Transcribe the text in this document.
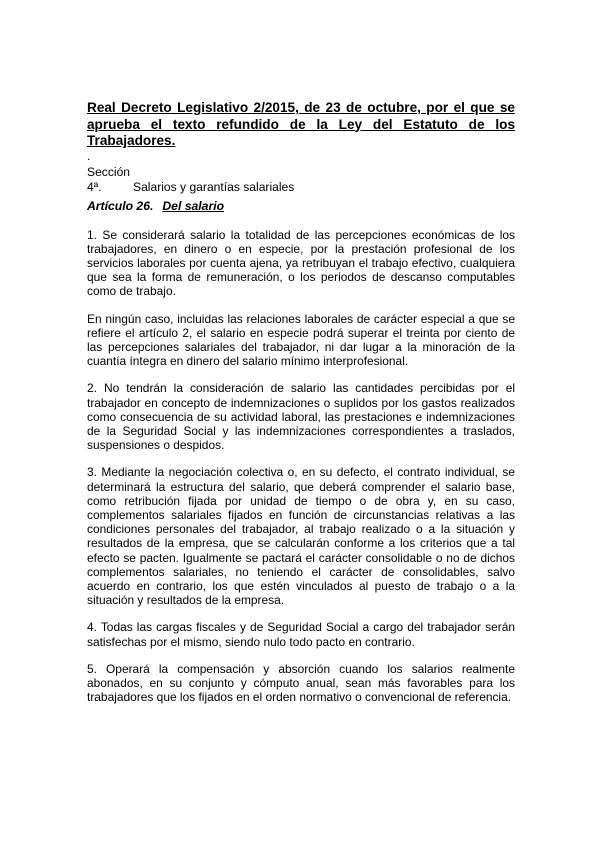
Real Decreto Legislativo 2/2015, de 23 de octubre, por el que se aprueba el texto refundido de la Ley del Estatuto de los Trabajadores.
.
Sección 4ª.	Salarios y garantías salariales
Artículo 26. Del salario

1. Se considerará salario la totalidad de las percepciones económicas de los trabajadores, en dinero o en especie, por la prestación profesional de los servicios laborales por cuenta ajena, ya retribuyan el trabajo efectivo, cualquiera que sea la forma de remuneración, o los periodos de descanso computables como de trabajo.

En ningún caso, incluidas las relaciones laborales de carácter especial a que se refiere el artículo 2, el salario en especie podrá superar el treinta por ciento de las percepciones salariales del trabajador, ni dar lugar a la minoración de la cuantía íntegra en dinero del salario mínimo interprofesional.

2. No tendrán la consideración de salario las cantidades percibidas por el trabajador en concepto de indemnizaciones o suplidos por los gastos realizados como consecuencia de su actividad laboral, las prestaciones e indemnizaciones de la Seguridad Social y las indemnizaciones correspondientes a traslados, suspensiones o despidos.

3. Mediante la negociación colectiva o, en su defecto, el contrato individual, se determinará la estructura del salario, que deberá comprender el salario base, como retribución fijada por unidad de tiempo o de obra y, en su caso, complementos salariales fijados en función de circunstancias relativas a las condiciones personales del trabajador, al trabajo realizado o a la situación y resultados de la empresa, que se calcularán conforme a los criterios que a tal efecto se pacten. Igualmente se pactará el carácter consolidable o no de dichos complementos salariales, no teniendo el carácter de consolidables, salvo acuerdo en contrario, los que estén vinculados al puesto de trabajo o a la situación y resultados de la empresa.

4. Todas las cargas fiscales y de Seguridad Social a cargo del trabajador serán satisfechas por el mismo, siendo nulo todo pacto en contrario.

5. Operará la compensación y absorción cuando los salarios realmente abonados, en su conjunto y cómputo anual, sean más favorables para los trabajadores que los fijados en el orden normativo o convencional de referencia.
